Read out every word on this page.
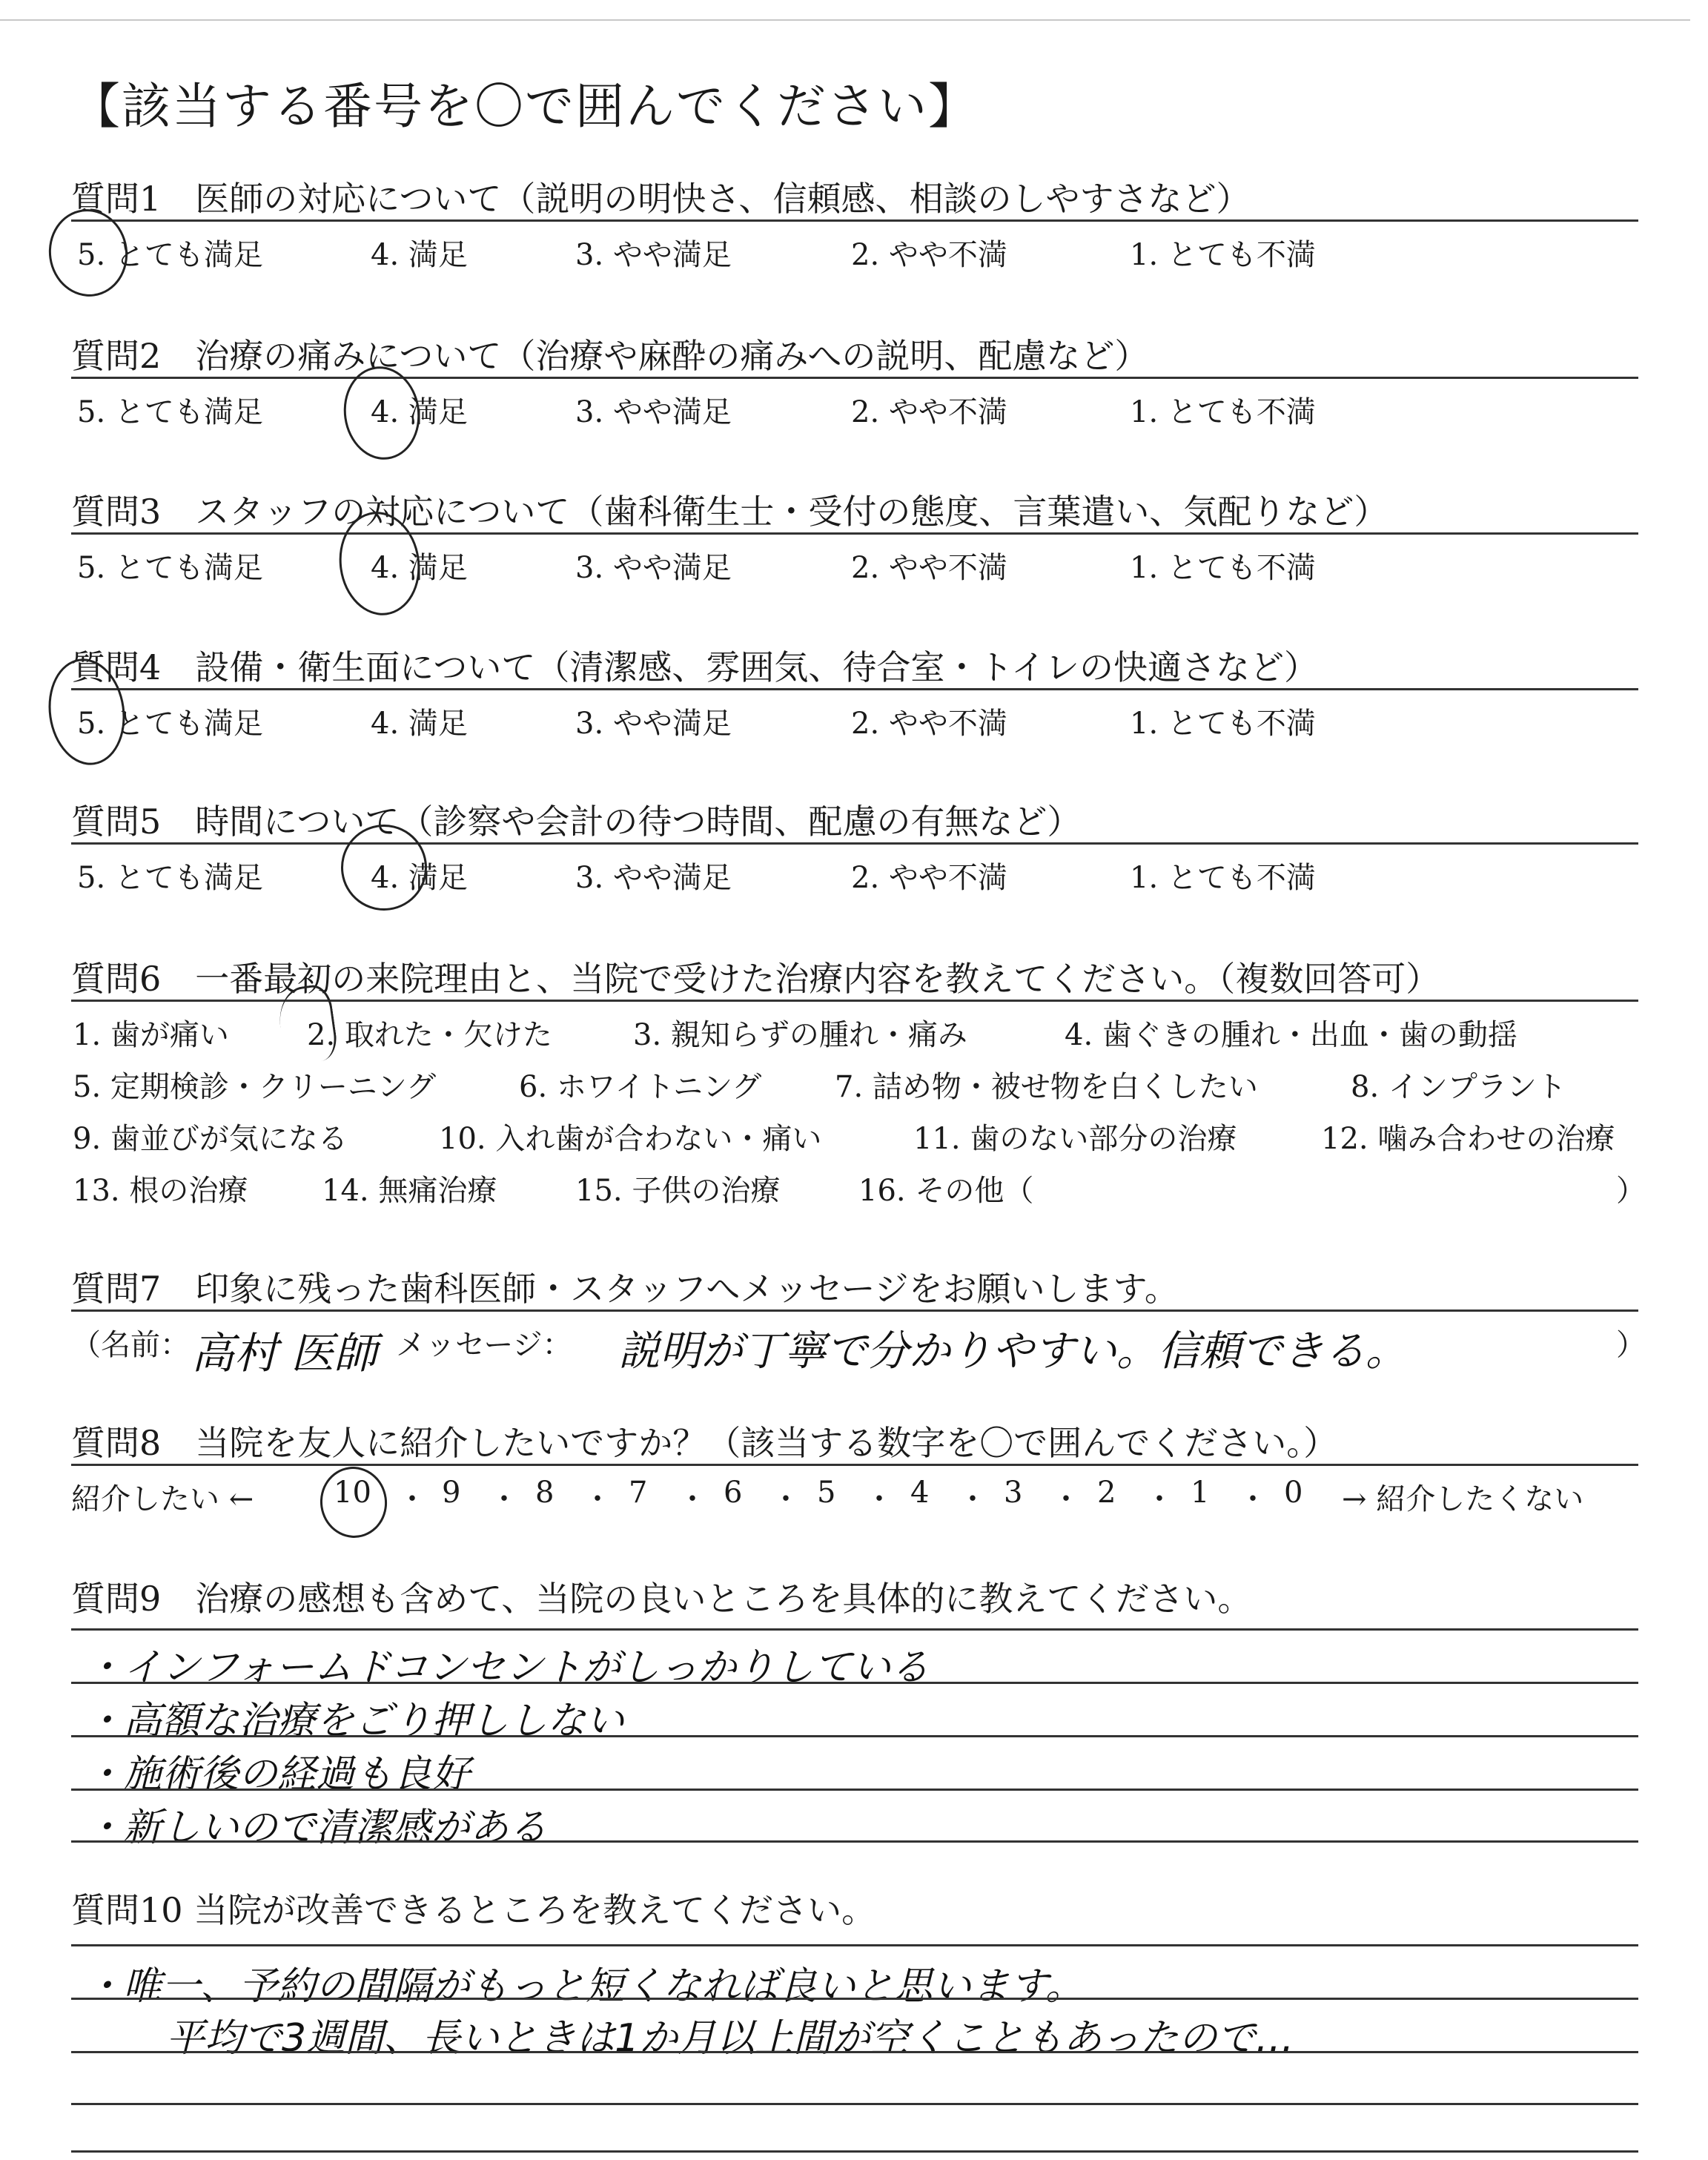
【該当する番号を〇で囲んでください】
質問1　医師の対応について（説明の明快さ、信頼感、相談のしやすさなど）
5. とても満足	4. 満足	3. やや満足	2. やや不満	1. とても不満
質問2　治療の痛みについて（治療や麻酔の痛みへの説明、配慮など）
5. とても満足	4. 満足	3. やや満足	2. やや不満	1. とても不満
質問3　スタッフの対応について（歯科衛生士・受付の態度、言葉遣い、気配りなど）
5. とても満足	4. 満足	3. やや満足	2. やや不満	1. とても不満
質問4　設備・衛生面について（清潔感、雰囲気、待合室・トイレの快適さなど）
5. とても満足	4. 満足	3. やや満足	2. やや不満	1. とても不満
質問5　時間について（診察や会計の待つ時間、配慮の有無など）
5. とても満足	4. 満足	3. やや満足	2. やや不満	1. とても不満
質問6　一番最初の来院理由と、当院で受けた治療内容を教えてください。（複数回答可）
1. 歯が痛い	2. 取れた・欠けた	3. 親知らずの腫れ・痛み	4. 歯ぐきの腫れ・出血・歯の動揺
5. 定期検診・クリーニング	6. ホワイトニング 7. 詰め物・被せ物を白くしたい	8. インプラント
9. 歯並びが気になる	10. 入れ歯が合わない・痛い	11. 歯のない部分の治療	12. 噛み合わせの治療
13. 根の治療 14. 無痛治療	15. 子供の治療	16. その他（	）
質問7　印象に残った歯科医師・スタッフへメッセージをお願いします。
（名前： 高村 医師 メッセージ： 説明が丁寧で分かりやすい。信頼できる。	）
質問8　当院を友人に紹介したいですか？（該当する数字を〇で囲んでください。）
紹介したい ←	10 ・ 9 ・ 8 ・ 7 ・ 6 ・ 5 ・ 4 ・ 3 ・ 2 ・ 1 ・ 0 → 紹介したくない
質問9　治療の感想も含めて、当院の良いところを具体的に教えてください。
・インフォームドコンセントがしっかりしている
・高額な治療をごり押ししない
・施術後の経過も良好
・新しいので清潔感がある
質問10 当院が改善できるところを教えてください。
・唯一、予約の間隔がもっと短くなれば良いと思います。
平均で3週間、長いときは1か月以上間が空くこともあったので…
